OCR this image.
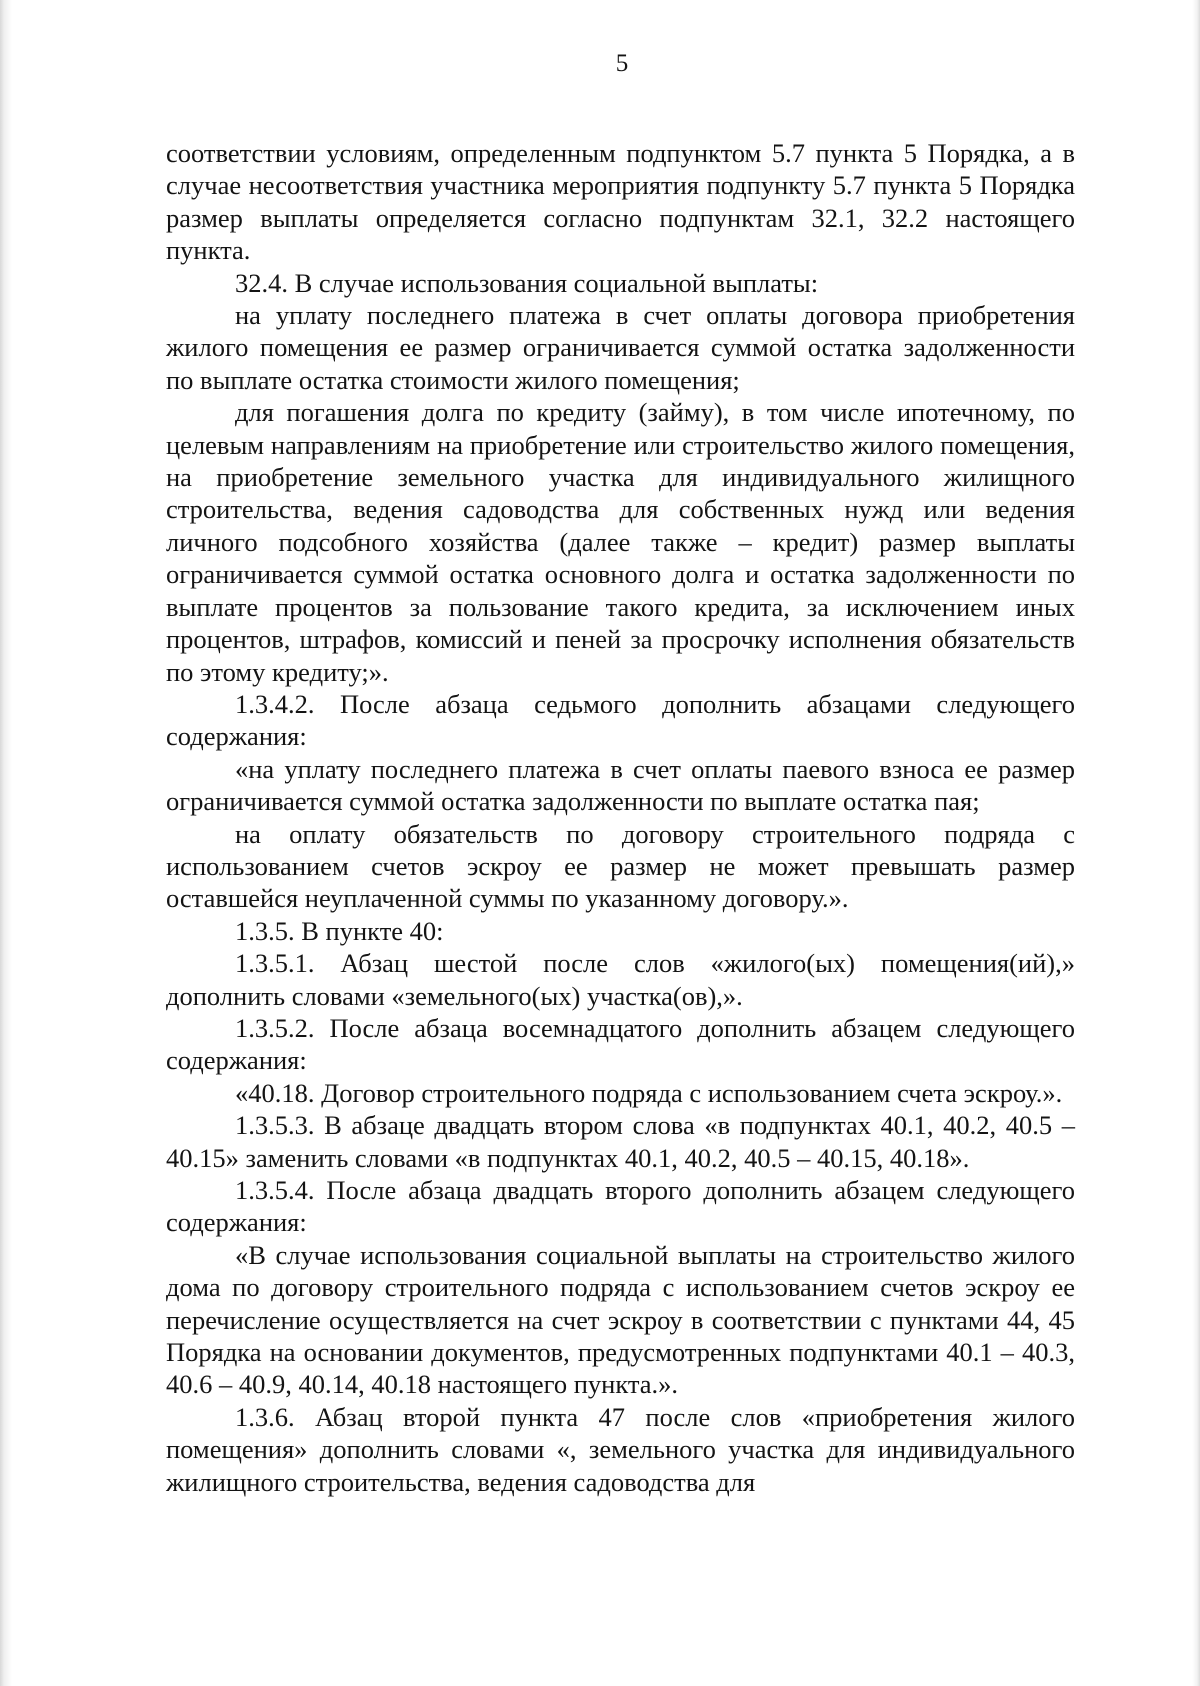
5

соответствии условиям, определенным подпунктом 5.7 пункта 5 Порядка, а в случае несоответствия участника мероприятия подпункту 5.7 пункта 5 Порядка размер выплаты определяется согласно подпунктам 32.1, 32.2 настоящего пункта.

32.4. В случае использования социальной выплаты:

на уплату последнего платежа в счет оплаты договора приобретения жилого помещения ее размер ограничивается суммой остатка задолженности по выплате остатка стоимости жилого помещения;

для погашения долга по кредиту (займу), в том числе ипотечному, по целевым направлениям на приобретение или строительство жилого помещения, на приобретение земельного участка для индивидуального жилищного строительства, ведения садоводства для собственных нужд или ведения личного подсобного хозяйства (далее также – кредит) размер выплаты ограничивается суммой остатка основного долга и остатка задолженности по выплате процентов за пользование такого кредита, за исключением иных процентов, штрафов, комиссий и пеней за просрочку исполнения обязательств по этому кредиту;».

1.3.4.2. После абзаца седьмого дополнить абзацами следующего содержания:

«на уплату последнего платежа в счет оплаты паевого взноса ее размер ограничивается суммой остатка задолженности по выплате остатка пая;

на оплату обязательств по договору строительного подряда с использованием счетов эскроу ее размер не может превышать размер оставшейся неуплаченной суммы по указанному договору.».

1.3.5. В пункте 40:

1.3.5.1. Абзац шестой после слов «жилого(ых) помещения(ий),» дополнить словами «земельного(ых) участка(ов),».

1.3.5.2. После абзаца восемнадцатого дополнить абзацем следующего содержания:

«40.18. Договор строительного подряда с использованием счета эскроу.».

1.3.5.3. В абзаце двадцать втором слова «в подпунктах 40.1, 40.2, 40.5 – 40.15» заменить словами «в подпунктах 40.1, 40.2, 40.5 – 40.15, 40.18».

1.3.5.4. После абзаца двадцать второго дополнить абзацем следующего содержания:

«В случае использования социальной выплаты на строительство жилого дома по договору строительного подряда с использованием счетов эскроу ее перечисление осуществляется на счет эскроу в соответствии с пунктами 44, 45 Порядка на основании документов, предусмотренных подпунктами 40.1 – 40.3, 40.6 – 40.9, 40.14, 40.18 настоящего пункта.».

1.3.6. Абзац второй пункта 47 после слов «приобретения жилого помещения» дополнить словами «, земельного участка для индивидуального жилищного строительства, ведения садоводства для
